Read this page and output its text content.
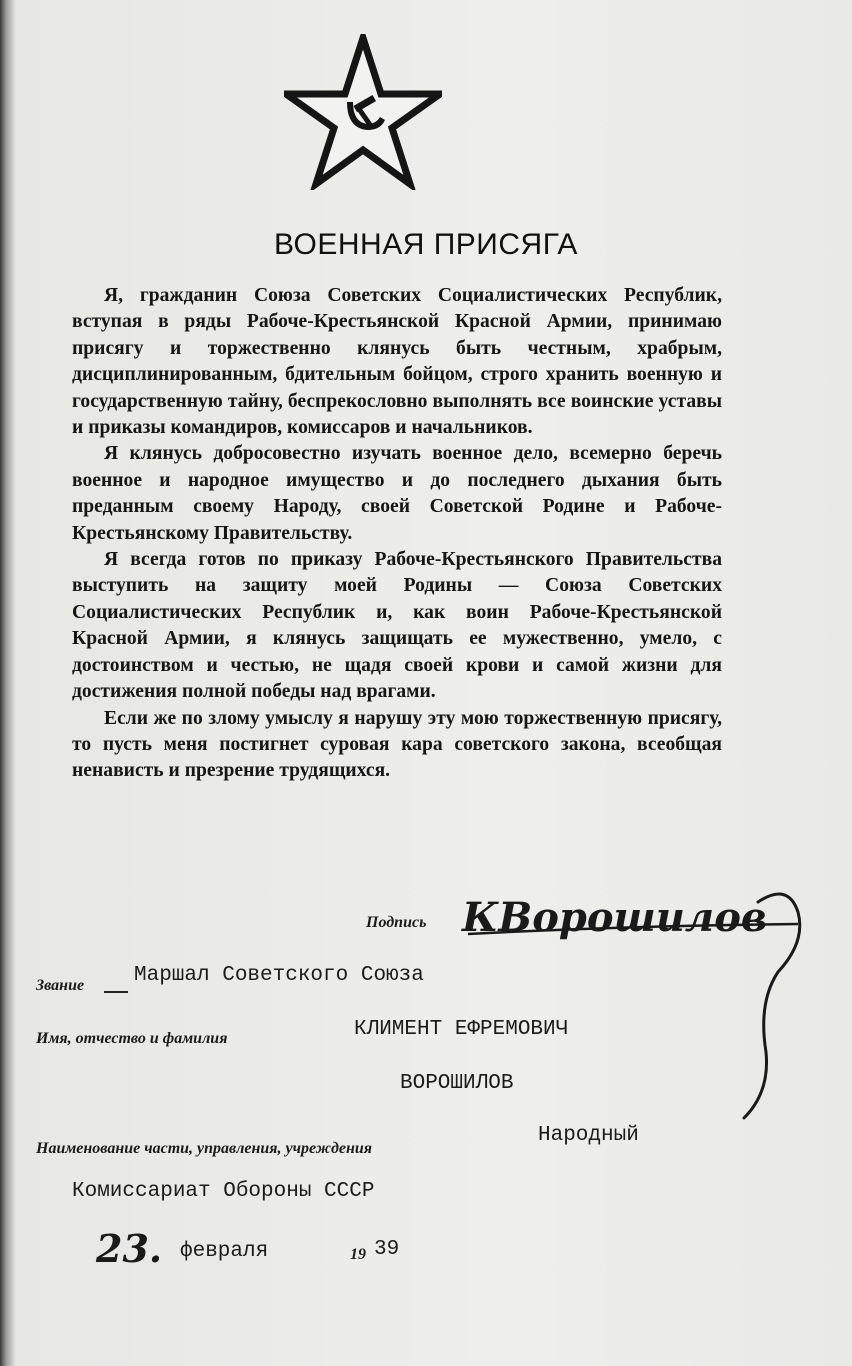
ВОЕННАЯ ПРИСЯГА

Я, гражданин Союза Советских Социалистических Республик, вступая в ряды Рабоче-Крестьянской Красной Армии, принимаю присягу и торжественно клянусь быть честным, храбрым, дисциплинированным, бдительным бойцом, строго хранить военную и государственную тайну, беспрекословно выполнять все воинские уставы и приказы командиров, комиссаров и начальников.

Я клянусь добросовестно изучать военное дело, всемерно беречь военное и народное имущество и до последнего дыхания быть преданным своему Народу, своей Советской Родине и Рабоче-Крестьянскому Правительству.

Я всегда готов по приказу Рабоче-Крестьянского Правительства выступить на защиту моей Родины — Союза Советских Социалистических Республик и, как воин Рабоче-Крестьянской Красной Армии, я клянусь защищать ее мужественно, умело, с достоинством и честью, не щадя своей крови и самой жизни для достижения полной победы над врагами.

Если же по злому умыслу я нарушу эту мою торжественную присягу, то пусть меня постигнет суровая кара советского закона, всеобщая ненависть и презрение трудящихся.

Подпись КВорошилов
Звание Маршал Советского Союза
Имя, отчество и фамилия	КЛИМЕНТ ЕФРЕМОВИЧ
ВОРОШИЛОВ
Наименование части, управления, учреждения
Народный
Комиссариат Обороны СССР
23. февраля	19 39
